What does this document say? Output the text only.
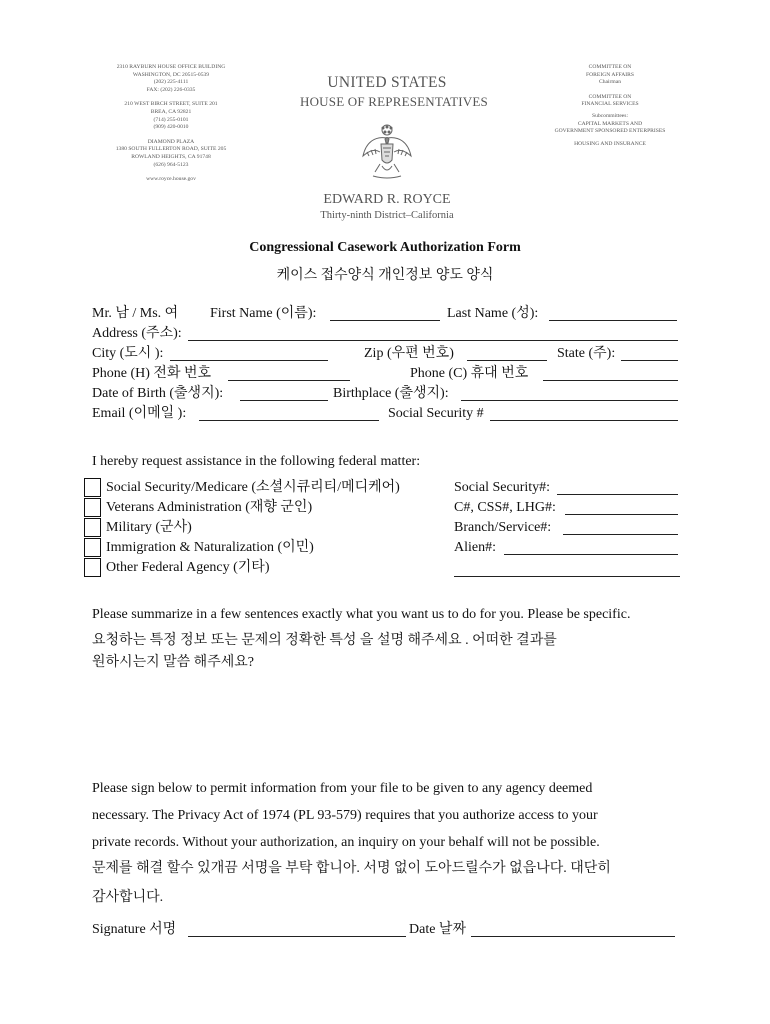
2310 RAYBURN HOUSE OFFICE BUILDING
WASHINGTON, DC 20515-0539
(202) 225-4111
FAX: (202) 226-0335
210 WEST BIRCH STREET, SUITE 201
BREA, CA 92821
(714) 255-0101
(909) 420-0010
DIAMOND PLAZA
1380 SOUTH FULLERTON ROAD, SUITE 205
ROWLAND HEIGHTS, CA 91748
(626) 964-5123
www.royce.house.gov
UNITED STATES
HOUSE OF REPRESENTATIVES
EDWARD R. ROYCE
Thirty-ninth District–California
COMMITTEE ON
FOREIGN AFFAIRS
Chairman
COMMITTEE ON
FINANCIAL SERVICES
Subcommittees:
CAPITAL MARKETS AND
GOVERNMENT SPONSORED ENTERPRISES
HOUSING AND INSURANCE
Congressional Casework Authorization Form
케이스 접수양식 개인정보 양도 양식
Mr. 남 / Ms. 여 First Name (이름):	Last Name (성):
Address (주소):
City (도시 ):	Zip (우편 번호)	State (주):
Phone (H) 전화 번호	Phone (C) 휴대 번호
Date of Birth (출생지):	Birthplace (출생지):
Email (이메일 ):	Social Security #
I hereby request assistance in the following federal matter:
Social Security/Medicare (소셜시큐리티/메디케어)	Social Security#:
Veterans Administration (재향 군인)	C#, CSS#, LHG#:
Military (군사)	Branch/Service#:
Immigration & Naturalization (이민)	Alien#:
Other Federal Agency (기타)
Please summarize in a few sentences exactly what you want us to do for you. Please be specific.
요청하는 특정 정보 또는 문제의 정확한 특성 을 설명 해주세요 . 어떠한 결과를
원하시는지 말씀 해주세요?
Please sign below to permit information from your file to be given to any agency deemed
necessary. The Privacy Act of 1974 (PL 93-579) requires that you authorize access to your
private records. Without your authorization, an inquiry on your behalf will not be possible.
문제를 해결 할수 있개끔 서명을 부탁 합니아. 서명 없이 도아드릴수가 없읍나다. 대단히
감사합니다.
Signature 서명	Date 날짜
